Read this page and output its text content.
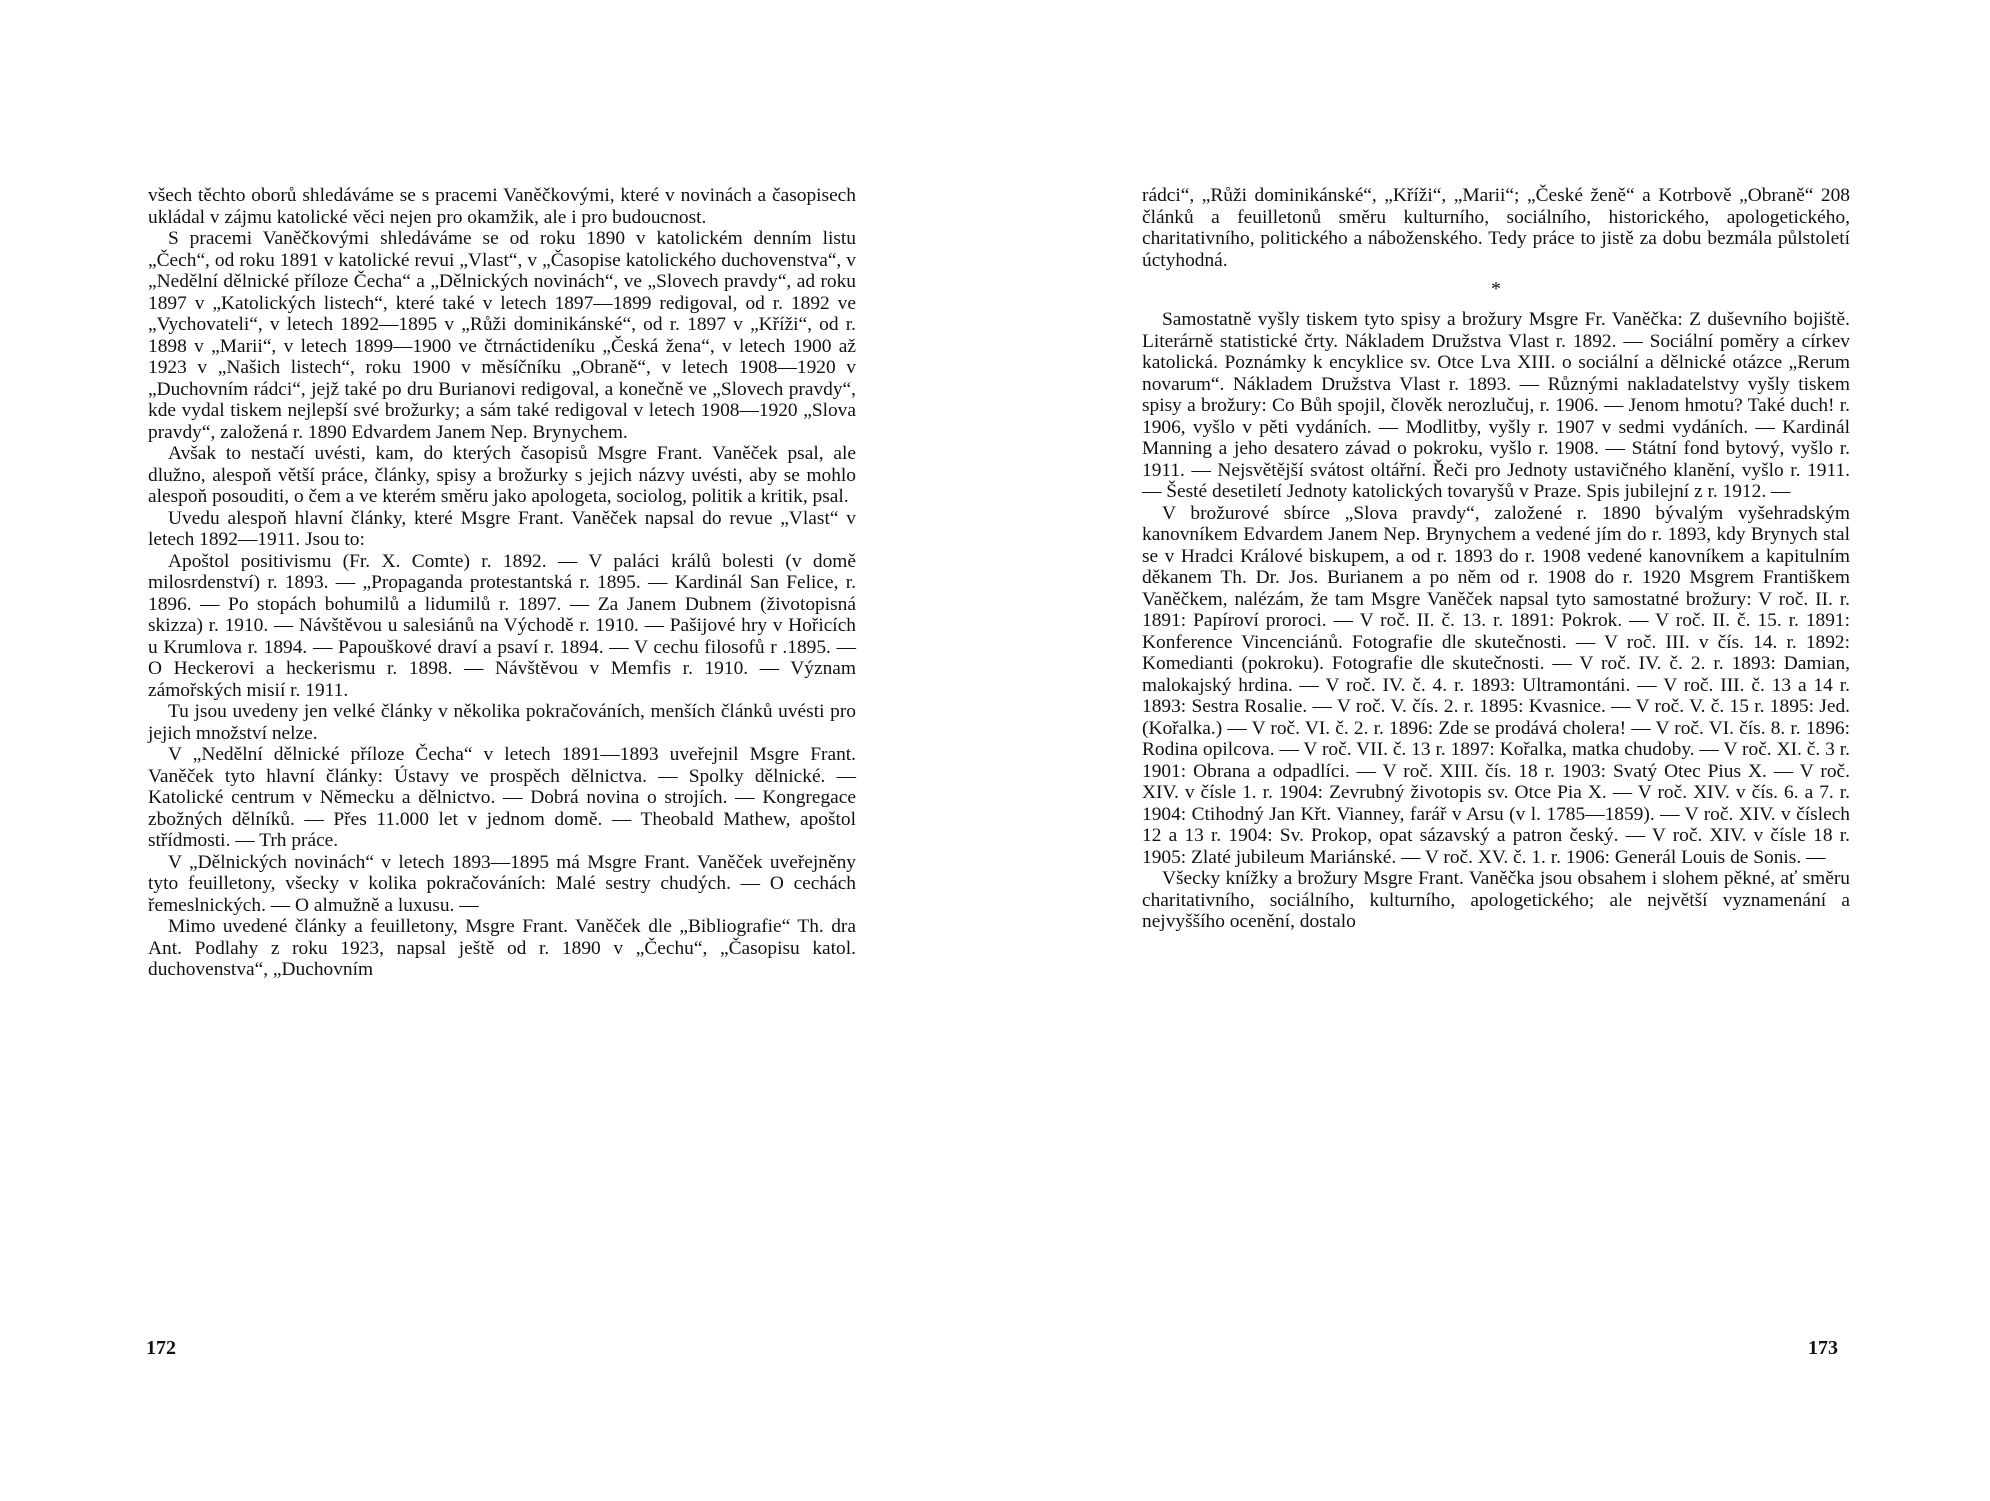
všech těchto oborů shledáváme se s pracemi Vaněčkovými, které v novinách a časopisech ukládal v zájmu katolické věci nejen pro okamžik, ale i pro budoucnost.

S pracemi Vaněčkovými shledáváme se od roku 1890 v katolickém denním listu „Čech“, od roku 1891 v katolické revui „Vlast“, v „Časopise katolického duchovenstva“, v „Nedělní dělnické příloze Čecha“ a „Dělnických novinách“, ve „Slovech pravdy“, ad roku 1897 v „Katolických listech“, které také v letech 1897—1899 redigoval, od r. 1892 ve „Vychovateli“, v letech 1892—1895 v „Růži dominikánské“, od r. 1897 v „Kříži“, od r. 1898 v „Marii“, v letech 1899—1900 ve čtrnáctideníku „Česká žena“, v letech 1900 až 1923 v „Našich listech“, roku 1900 v měsíčníku „Obraně“, v letech 1908—1920 v „Duchovním rádci“, jejž také po dru Burianovi redigoval, a konečně ve „Slovech pravdy“, kde vydal tiskem nejlepší své brožurky; a sám také redigoval v letech 1908—1920 „Slova pravdy“, založená r. 1890 Edvardem Janem Nep. Brynychem.

Avšak to nestačí uvésti, kam, do kterých časopisů Msgre Frant. Vaněček psal, ale dlužno, alespoň větší práce, články, spisy a brožurky s jejich názvy uvésti, aby se mohlo alespoň posouditi, o čem a ve kterém směru jako apologeta, sociolog, politik a kritik, psal.

Uvedu alespoň hlavní články, které Msgre Frant. Vaněček napsal do revue „Vlast“ v letech 1892—1911. Jsou to:

Apoštol positivismu (Fr. X. Comte) r. 1892. — V paláci králů bolesti (v domě milosrdenství) r. 1893. — „Propaganda protestantská r. 1895. — Kardinál San Felice, r. 1896. — Po stopách bohumilů a lidumilů r. 1897. — Za Janem Dubnem (životopisná skizza) r. 1910. — Návštěvou u salesiánů na Východě r. 1910. — Pašijové hry v Hořicích u Krumlova r. 1894. — Papouškové draví a psaví r. 1894. — V cechu filosofů r .1895. — O Heckerovi a heckerismu r. 1898. — Návštěvou v Memfis r. 1910. — Význam zámořských misií r. 1911.

Tu jsou uvedeny jen velké články v několika pokračováních, menších článků uvésti pro jejich množství nelze.

V „Nedělní dělnické příloze Čecha“ v letech 1891—1893 uveřejnil Msgre Frant. Vaněček tyto hlavní články: Ústavy ve prospěch dělnictva. — Spolky dělnické. — Katolické centrum v Německu a dělnictvo. — Dobrá novina o strojích. — Kongregace zbožných dělníků. — Přes 11.000 let v jednom domě. — Theobald Mathew, apoštol střídmosti. — Trh práce.

V „Dělnických novinách“ v letech 1893—1895 má Msgre Frant. Vaněček uveřejněny tyto feuilletony, všecky v kolika pokračováních: Malé sestry chudých. — O cechách řemeslnických. — O almužně a luxusu. —

Mimo uvedené články a feuilletony, Msgre Frant. Vaněček dle „Bibliografie“ Th. dra Ant. Podlahy z roku 1923, napsal ještě od r. 1890 v „Čechu“, „Časopisu katol. duchovenstva“, „Duchovním

172

rádci“, „Růži dominikánské“, „Kříži“, „Marii“; „České ženě“ a Kotrbově „Obraně“ 208 článků a feuilletonů směru kulturního, sociálního, historického, apologetického, charitativního, politického a náboženského. Tedy práce to jistě za dobu bezmála půlstoletí úctyhodná.

*

Samostatně vyšly tiskem tyto spisy a brožury Msgre Fr. Vaněčka: Z duševního bojiště. Literárně statistické črty. Nákladem Družstva Vlast r. 1892. — Sociální poměry a církev katolická. Poznámky k encyklice sv. Otce Lva XIII. o sociální a dělnické otázce „Rerum novarum“. Nákladem Družstva Vlast r. 1893. — Různými nakladatelstvy vyšly tiskem spisy a brožury: Co Bůh spojil, člověk nerozlučuj, r. 1906. — Jenom hmotu? Také duch! r. 1906, vyšlo v pěti vydáních. — Modlitby, vyšly r. 1907 v sedmi vydáních. — Kardinál Manning a jeho desatero závad o pokroku, vyšlo r. 1908. — Státní fond bytový, vyšlo r. 1911. — Nejsvětější svátost oltářní. Řeči pro Jednoty ustavičného klanění, vyšlo r. 1911. — Šesté desetiletí Jednoty katolických tovaryšů v Praze. Spis jubilejní z r. 1912. —

V brožurové sbírce „Slova pravdy“, založené r. 1890 bývalým vyšehradským kanovníkem Edvardem Janem Nep. Brynychem a vedené jím do r. 1893, kdy Brynych stal se v Hradci Králové biskupem, a od r. 1893 do r. 1908 vedené kanovníkem a kapitulním děkanem Th. Dr. Jos. Burianem a po něm od r. 1908 do r. 1920 Msgrem Františkem Vaněčkem, nalézám, že tam Msgre Vaněček napsal tyto samostatné brožury: V roč. II. r. 1891: Papíroví proroci. — V roč. II. č. 13. r. 1891: Pokrok. — V roč. II. č. 15. r. 1891: Konference Vincenciánů. Fotografie dle skutečnosti. — V roč. III. v čís. 14. r. 1892: Komedianti (pokroku). Fotografie dle skutečnosti. — V roč. IV. č. 2. r. 1893: Damian, malokajský hrdina. — V roč. IV. č. 4. r. 1893: Ultramontáni. — V roč. III. č. 13 a 14 r. 1893: Sestra Rosalie. — V roč. V. čís. 2. r. 1895: Kvasnice. — V roč. V. č. 15 r. 1895: Jed. (Kořalka.) — V roč. VI. č. 2. r. 1896: Zde se prodává cholera! — V roč. VI. čís. 8. r. 1896: Rodina opilcova. — V roč. VII. č. 13 r. 1897: Kořalka, matka chudoby. — V roč. XI. č. 3 r. 1901: Obrana a odpadlíci. — V roč. XIII. čís. 18 r. 1903: Svatý Otec Pius X. — V roč. XIV. v čísle 1. r. 1904: Zevrubný životopis sv. Otce Pia X. — V roč. XIV. v čís. 6. a 7. r. 1904: Ctihodný Jan Křt. Vianney, farář v Arsu (v l. 1785—1859). — V roč. XIV. v číslech 12 a 13 r. 1904: Sv. Prokop, opat sázavský a patron český. — V roč. XIV. v čísle 18 r. 1905: Zlaté jubileum Mariánské. — V roč. XV. č. 1. r. 1906: Generál Louis de Sonis. —

Všecky knížky a brožury Msgre Frant. Vaněčka jsou obsahem i slohem pěkné, ať směru charitativního, sociálního, kulturního, apologetického; ale největší vyznamenání a nejvyššího ocenění, dostalo

173
